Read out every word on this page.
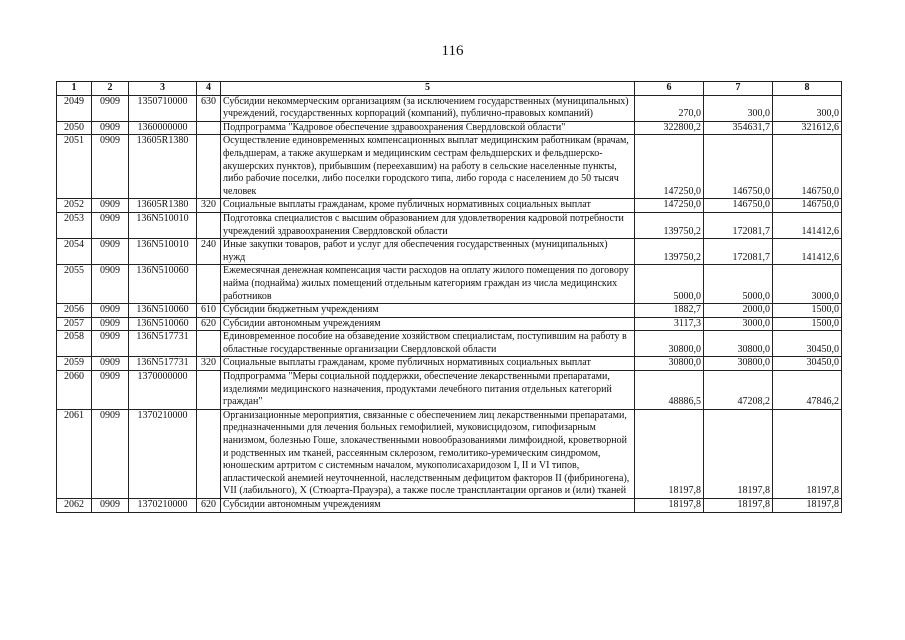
116
1	2	3	4	5	6	7	8
2049	0909	1350710000	630	Субсидии некоммерческим организациям (за исключением государственных (муниципальных) учреждений, государственных корпораций (компаний), публично-правовых компаний)	270,0	300,0	300,0
2050	0909	1360000000		Подпрограмма "Кадровое обеспечение здравоохранения Свердловской области"	322800,2	354631,7	321612,6
2051	0909	13605R1380		Осуществление единовременных компенсационных выплат медицинским работникам (врачам, фельдшерам, а также акушеркам и медицинским сестрам фельдшерских и фельдшерско-акушерских пунктов), прибывшим (переехавшим) на работу в сельские населенные пункты, либо рабочие поселки, либо поселки городского типа, либо города с населением до 50 тысяч человек	147250,0	146750,0	146750,0
2052	0909	13605R1380	320	Социальные выплаты гражданам, кроме публичных нормативных социальных выплат	147250,0	146750,0	146750,0
2053	0909	136N510010		Подготовка специалистов с высшим образованием для удовлетворения кадровой потребности учреждений здравоохранения Свердловской области	139750,2	172081,7	141412,6
2054	0909	136N510010	240	Иные закупки товаров, работ и услуг для обеспечения государственных (муниципальных) нужд	139750,2	172081,7	141412,6
2055	0909	136N510060		Ежемесячная денежная компенсация части расходов на оплату жилого помещения по договору найма (поднайма) жилых помещений отдельным категориям граждан из числа медицинских работников	5000,0	5000,0	3000,0
2056	0909	136N510060	610	Субсидии бюджетным учреждениям	1882,7	2000,0	1500,0
2057	0909	136N510060	620	Субсидии автономным учреждениям	3117,3	3000,0	1500,0
2058	0909	136N517731		Единовременное пособие на обзаведение хозяйством специалистам, поступившим на работу в областные государственные организации Свердловской области	30800,0	30800,0	30450,0
2059	0909	136N517731	320	Социальные выплаты гражданам, кроме публичных нормативных социальных выплат	30800,0	30800,0	30450,0
2060	0909	1370000000		Подпрограмма "Меры социальной поддержки, обеспечение лекарственными препаратами, изделиями медицинского назначения, продуктами лечебного питания отдельных категорий граждан"	48886,5	47208,2	47846,2
2061	0909	1370210000		Организационные мероприятия, связанные с обеспечением лиц лекарственными препаратами, предназначенными для лечения больных гемофилией, муковисцидозом, гипофизарным нанизмом, болезнью Гоше, злокачественными новообразованиями лимфоидной, кроветворной и родственных им тканей, рассеянным склерозом, гемолитико-уремическим синдромом, юношеским артритом с системным началом, мукополисахаридозом I, II и VI типов, апластической анемией неуточненной, наследственным дефицитом факторов II (фибриногена), VII (лабильного), X (Стюарта-Прауэра), а также после трансплантации органов и (или) тканей	18197,8	18197,8	18197,8
2062	0909	1370210000	620	Субсидии автономным учреждениям	18197,8	18197,8	18197,8
